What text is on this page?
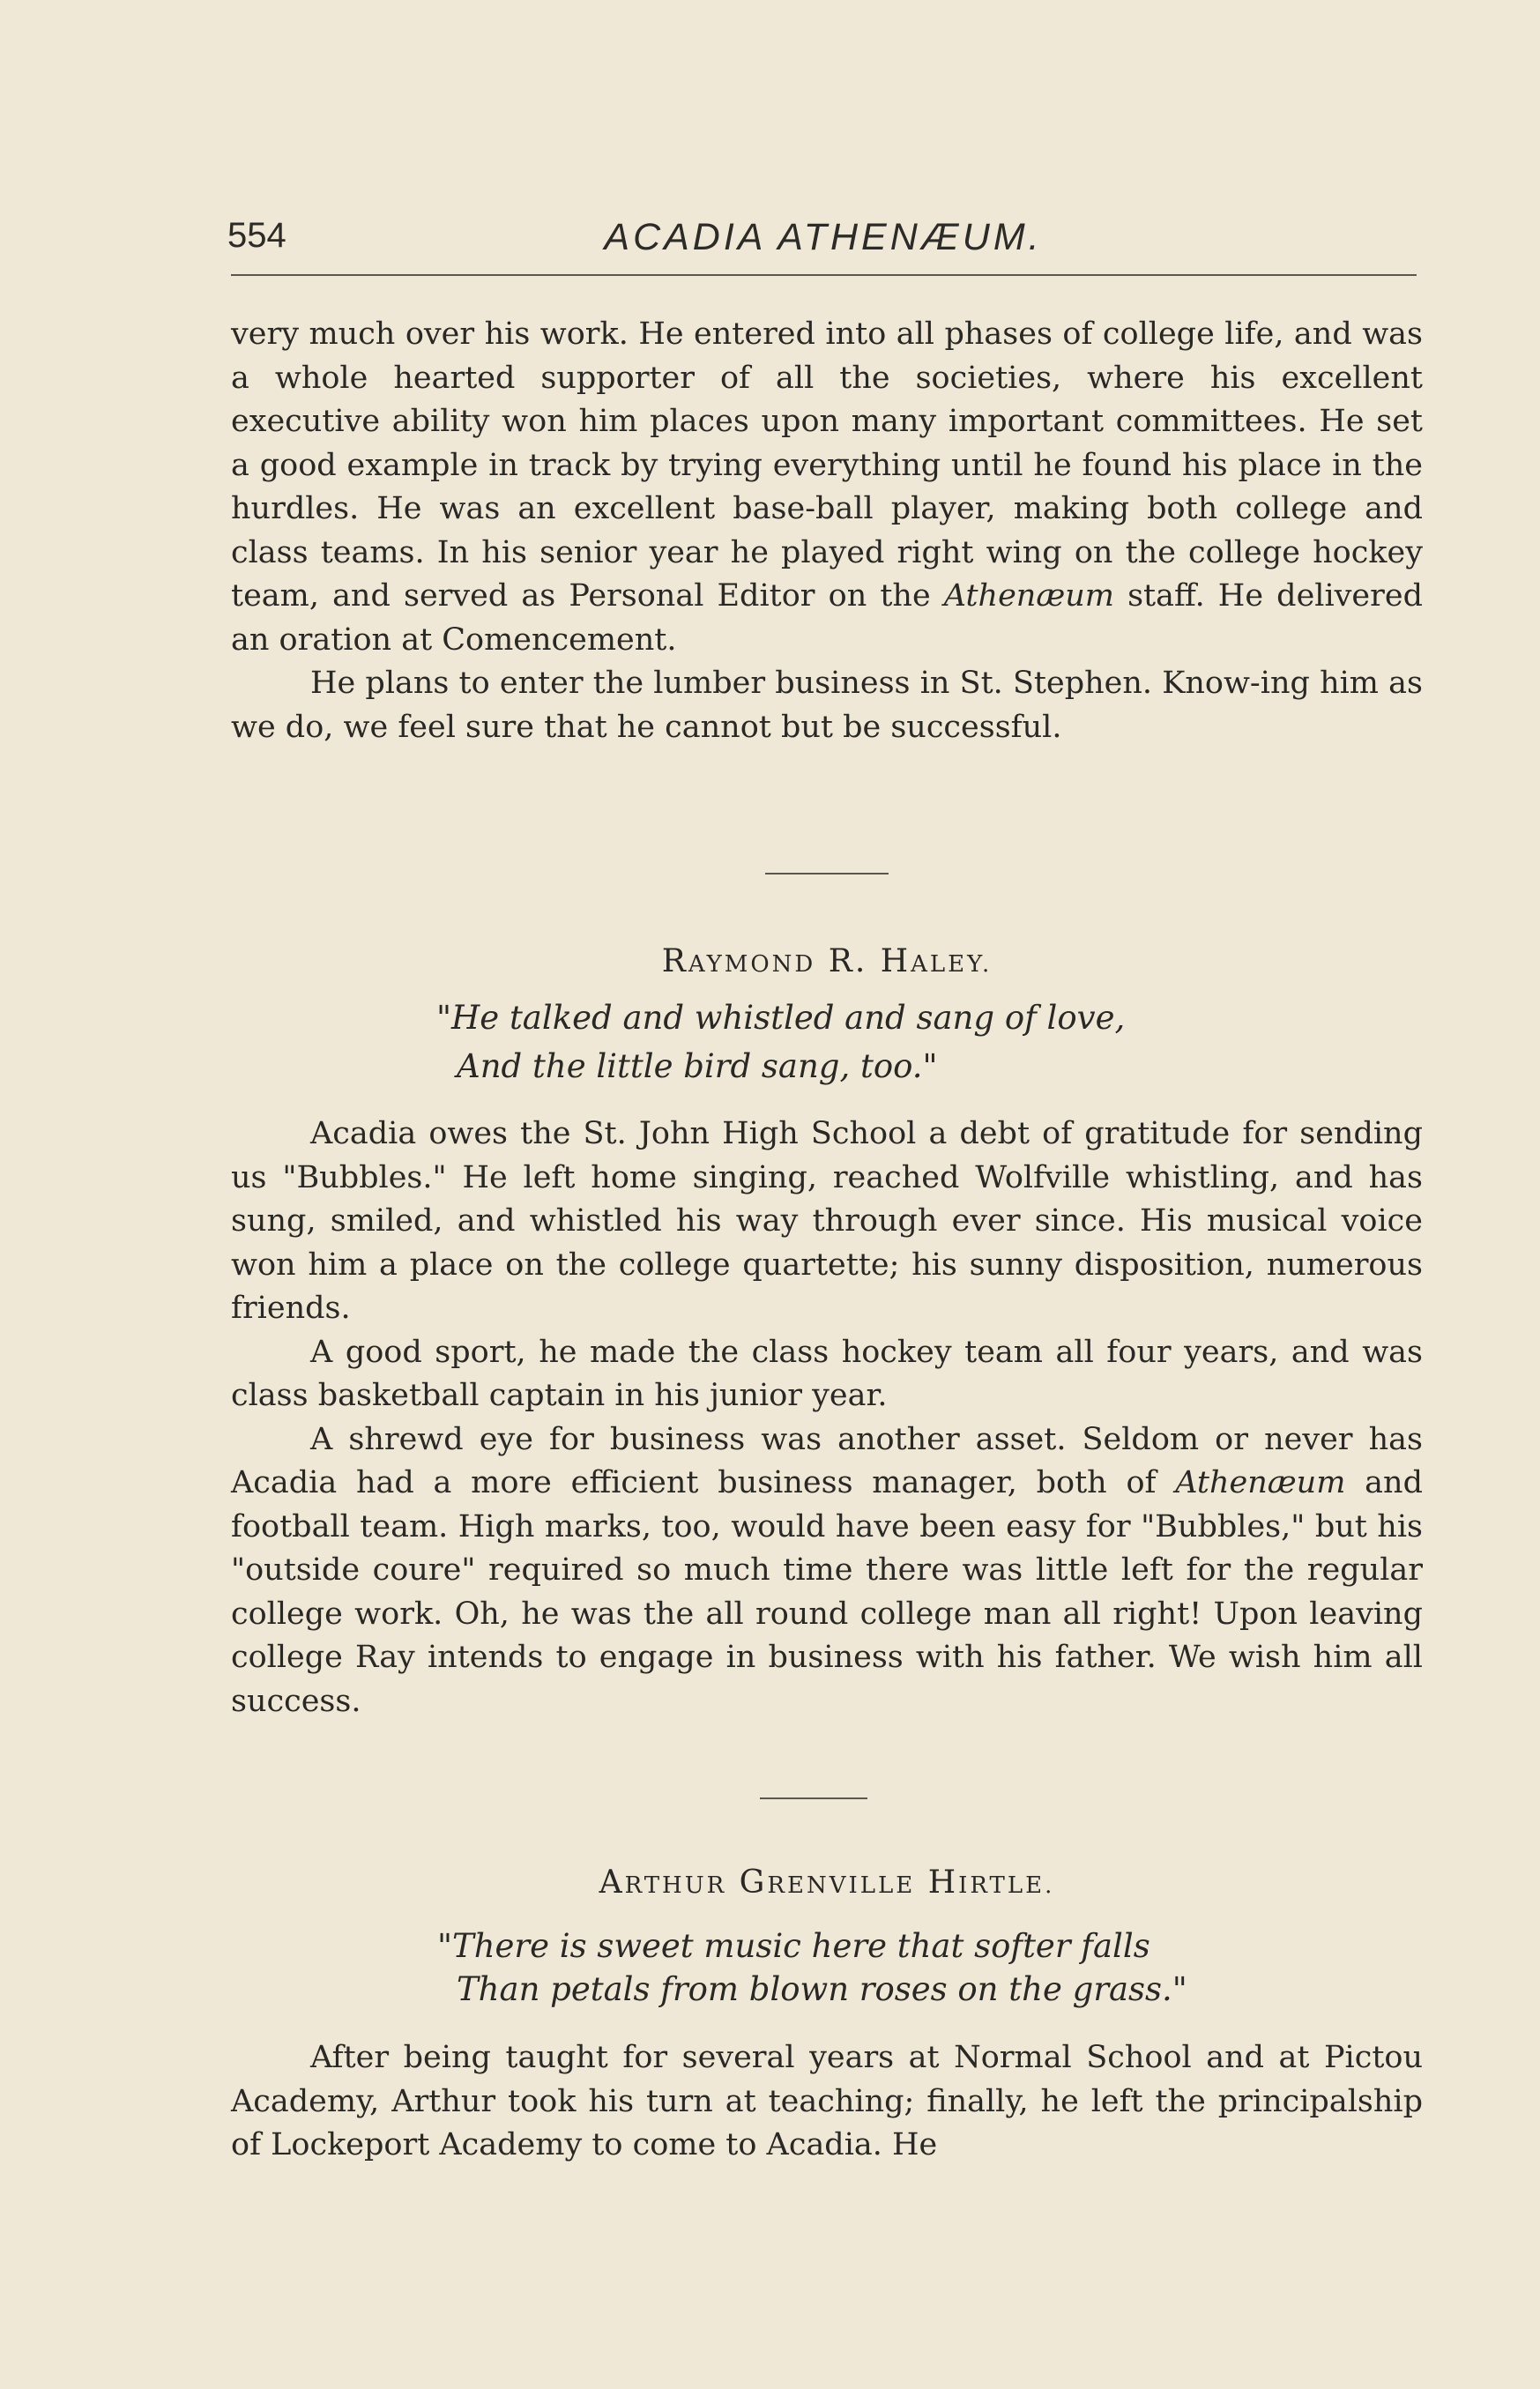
554	ACADIA ATHENÆUM.

very much over his work. He entered into all phases of college life, and was a whole hearted supporter of all the societies, where his excellent executive ability won him places upon many important committees. He set a good example in track by trying everything until he found his place in the hurdles. He was an excellent base-ball player, making both college and class teams. In his senior year he played right wing on the college hockey team, and served as Personal Editor on the Athenæum staff. He delivered an oration at Comencement.

He plans to enter the lumber business in St. Stephen. Know-ing him as we do, we feel sure that he cannot but be successful.

RAYMOND R. HALEY.
"He talked and whistled and sang of love,
And the little bird sang, too."

Acadia owes the St. John High School a debt of gratitude for sending us "Bubbles." He left home singing, reached Wolfville whistling, and has sung, smiled, and whistled his way through ever since. His musical voice won him a place on the college quartette; his sunny disposition, numerous friends.

A good sport, he made the class hockey team all four years, and was class basketball captain in his junior year.

A shrewd eye for business was another asset. Seldom or never has Acadia had a more efficient business manager, both of Athenæum and football team. High marks, too, would have been easy for "Bubbles," but his "outside coure" required so much time there was little left for the regular college work. Oh, he was the all round college man all right! Upon leaving college Ray intends to engage in business with his father. We wish him all success.

ARTHUR GRENVILLE HIRTLE.
"There is sweet music here that softer falls
Than petals from blown roses on the grass."

After being taught for several years at Normal School and at Pictou Academy, Arthur took his turn at teaching; finally, he left the principalship of Lockeport Academy to come to Acadia. He
